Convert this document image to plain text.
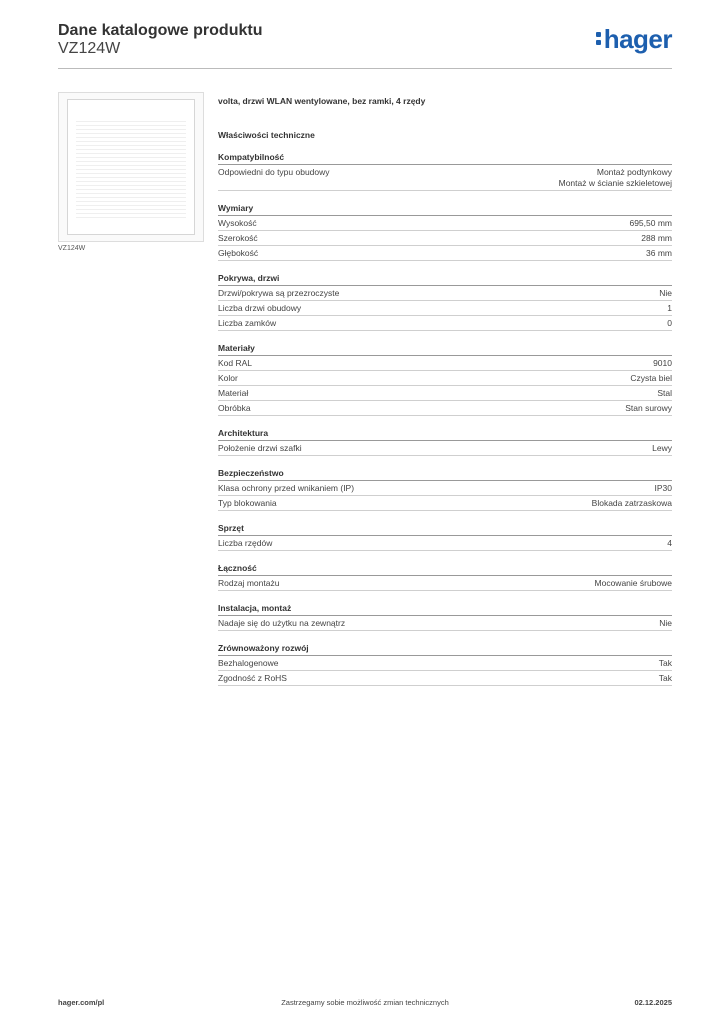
Dane katalogowe produktu
VZ124W	hager
VZ124W
volta, drzwi WLAN wentylowane, bez ramki, 4 rzędy
Właściwości techniczne
Kompatybilność
Odpowiedni do typu obudowy	Montaż podtynkowy
Montaż w ścianie szkieletowej
Wymiary
Wysokość	695,50 mm
Szerokość	288 mm
Głębokość	36 mm
Pokrywa, drzwi
Drzwi/pokrywa są przezroczyste	Nie
Liczba drzwi obudowy	1
Liczba zamków	0
Materiały
Kod RAL	9010
Kolor	Czysta biel
Materiał	Stal
Obróbka	Stan surowy
Architektura
Położenie drzwi szafki	Lewy
Bezpieczeństwo
Klasa ochrony przed wnikaniem (IP)	IP30
Typ blokowania	Blokada zatrzaskowa
Sprzęt
Liczba rzędów	4
Łączność
Rodzaj montażu	Mocowanie śrubowe
Instalacja, montaż
Nadaje się do użytku na zewnątrz	Nie
Zrównoważony rozwój
Bezhalogenowe	Tak
Zgodność z RoHS	Tak
hager.com/pl	Zastrzegamy sobie możliwość zmian technicznych	02.12.2025
